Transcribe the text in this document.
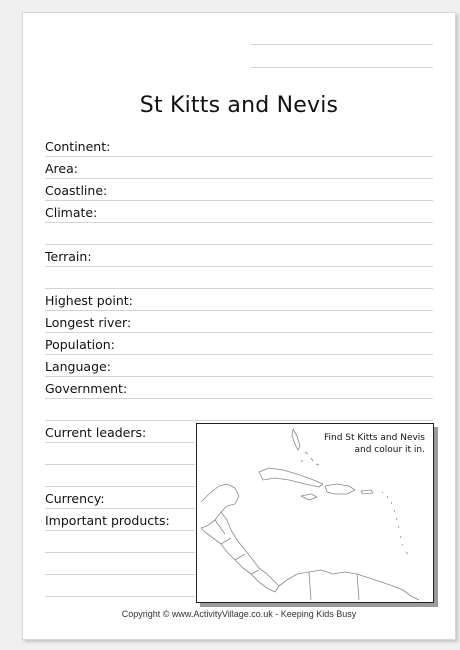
St Kitts and Nevis
Continent:
Area:
Coastline:
Climate:
Terrain:
Highest point:
Longest river:
Population:
Language:
Government:
Current leaders:
Currency:
Important products:
Find St Kitts and Nevis
and colour it in.
Copyright © www.ActivityVillage.co.uk - Keeping Kids Busy
